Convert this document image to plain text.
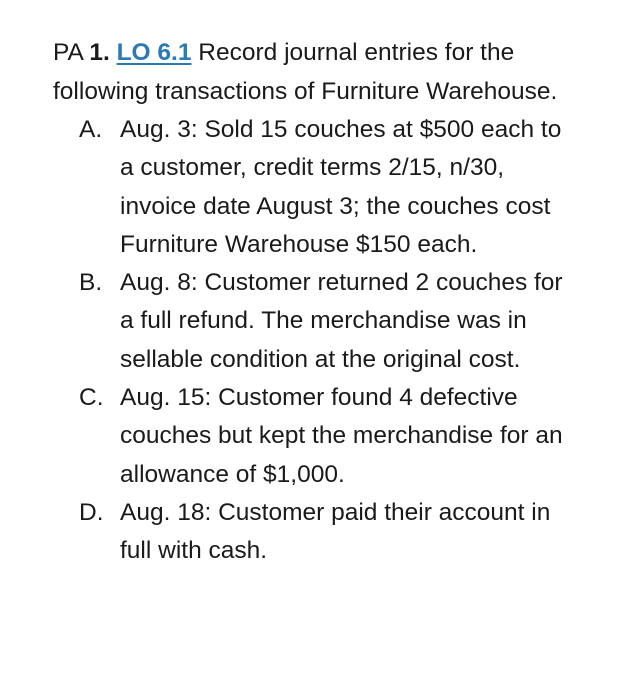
PA 1. LO 6.1 Record journal entries for the following transactions of Furniture Warehouse.

A. Aug. 3: Sold 15 couches at $500 each to a customer, credit terms 2/15, n/30, invoice date August 3; the couches cost Furniture Warehouse $150 each.
B. Aug. 8: Customer returned 2 couches for a full refund. The merchandise was in sellable condition at the original cost.
C. Aug. 15: Customer found 4 defective couches but kept the merchandise for an allowance of $1,000.
D. Aug. 18: Customer paid their account in full with cash.
